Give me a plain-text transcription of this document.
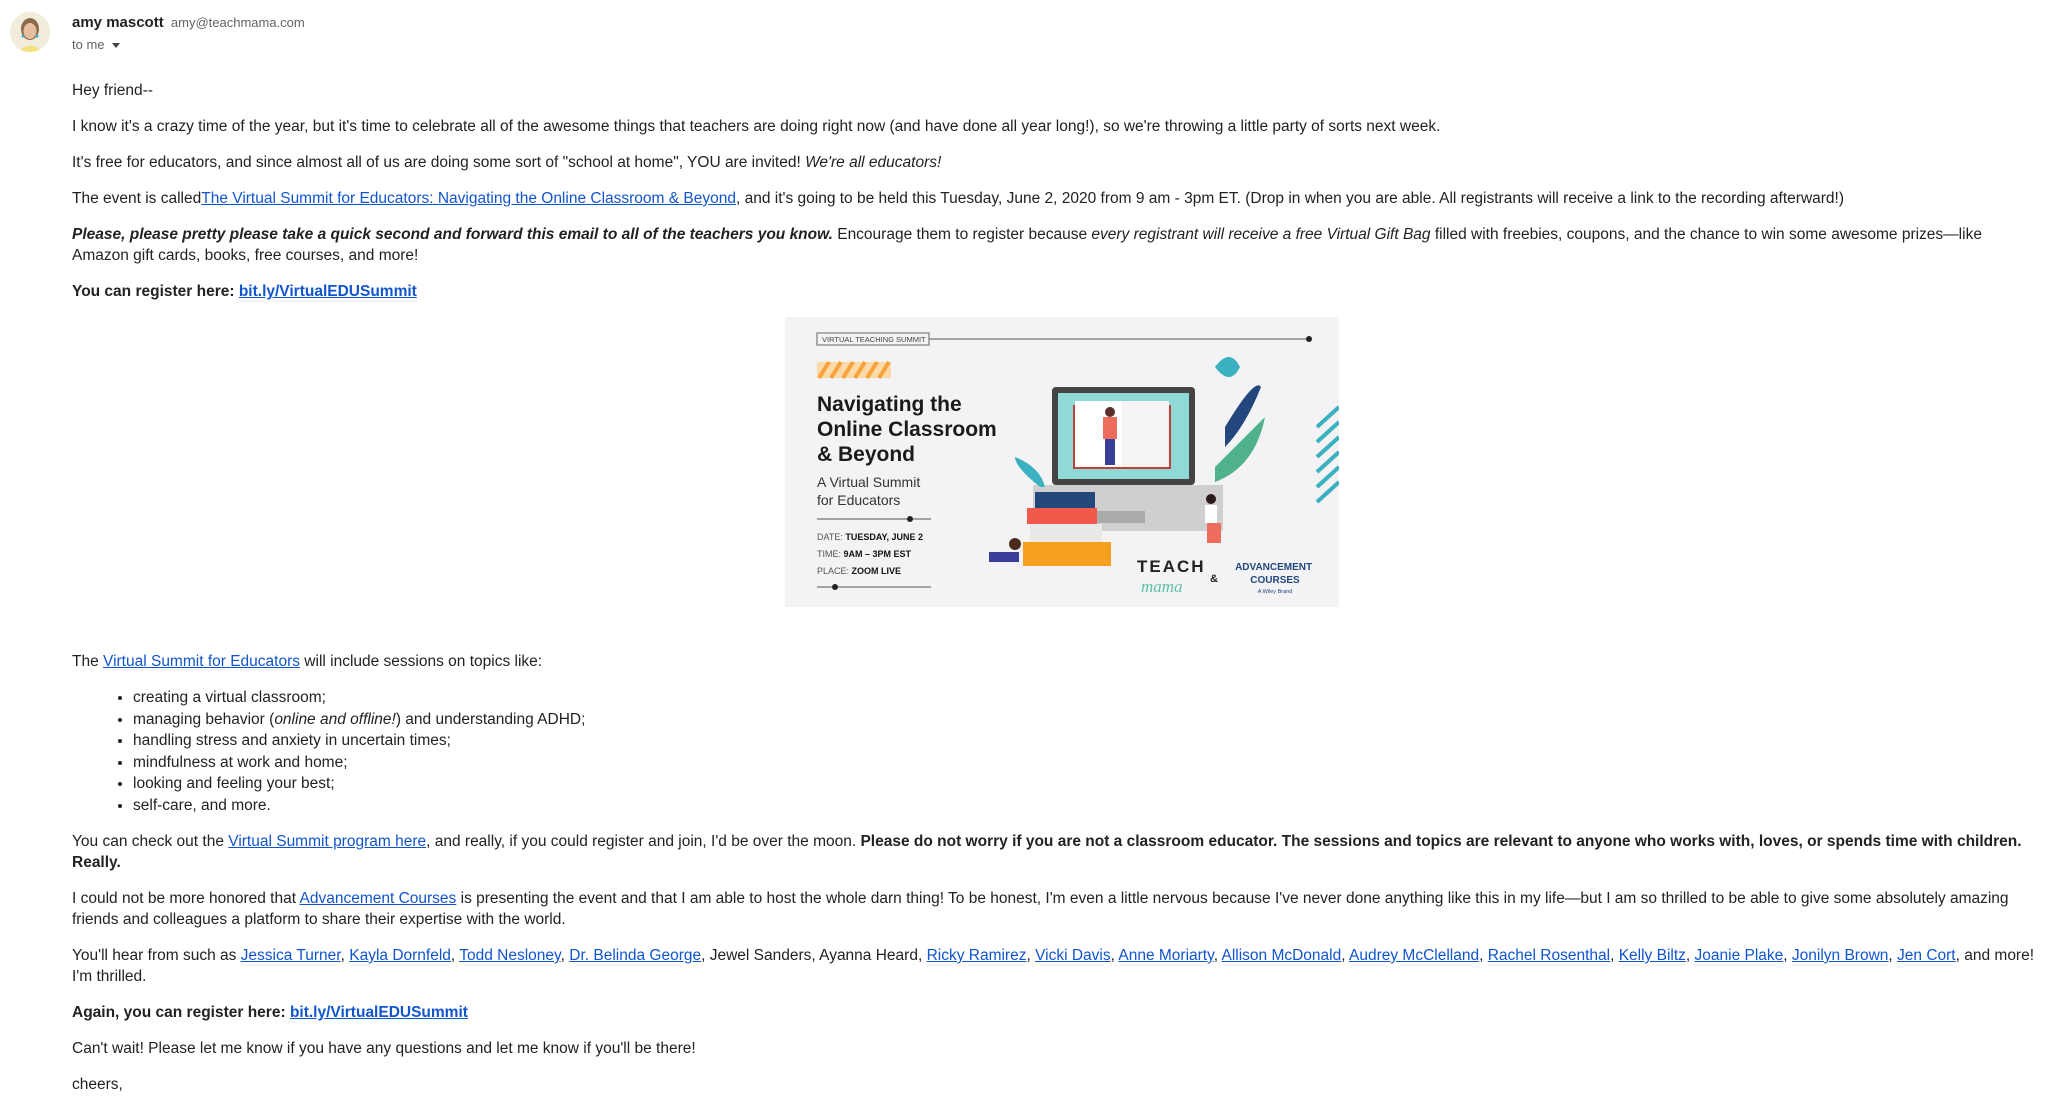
amy mascott amy@teachmama.com
to me

Hey friend--

I know it's a crazy time of the year, but it's time to celebrate all of the awesome things that teachers are doing right now (and have done all year long!), so we're throwing a little party of sorts next week.

It's free for educators, and since almost all of us are doing some sort of "school at home", YOU are invited! We're all educators!

The event is calledThe Virtual Summit for Educators: Navigating the Online Classroom & Beyond, and it's going to be held this Tuesday, June 2, 2020 from 9 am - 3pm ET. (Drop in when you are able. All registrants will receive a link to the recording afterward!)

Please, please pretty please take a quick second and forward this email to all of the teachers you know. Encourage them to register because every registrant will receive a free Virtual Gift Bag filled with freebies, coupons, and the chance to win some awesome prizes—like Amazon gift cards, books, free courses, and more!

You can register here: bit.ly/VirtualEDUSummit

VIRTUAL TEACHING SUMMIT
Navigating the Online Classroom & Beyond
A Virtual Summit for Educators
DATE: TUESDAY, JUNE 2
TIME: 9AM – 3PM EST
PLACE: ZOOM LIVE	TEACH
mama &
ADVANCEMENT COURSES
A Wiley Brand

The Virtual Summit for Educators will include sessions on topics like:

• creating a virtual classroom;
• managing behavior (online and offline!) and understanding ADHD;
• handling stress and anxiety in uncertain times;
• mindfulness at work and home;
• looking and feeling your best;
• self-care, and more.

You can check out the Virtual Summit program here, and really, if you could register and join, I'd be over the moon. Please do not worry if you are not a classroom educator. The sessions and topics are relevant to anyone who works with, loves, or spends time with children. Really.

I could not be more honored that Advancement Courses is presenting the event and that I am able to host the whole darn thing! To be honest, I'm even a little nervous because I've never done anything like this in my life—but I am so thrilled to be able to give some absolutely amazing friends and colleagues a platform to share their expertise with the world.

You'll hear from such as Jessica Turner, Kayla Dornfeld, Todd Nesloney, Dr. Belinda George, Jewel Sanders, Ayanna Heard, Ricky Ramirez, Vicki Davis, Anne Moriarty, Allison McDonald, Audrey McClelland, Rachel Rosenthal, Kelly Biltz, Joanie Plake, Jonilyn Brown, Jen Cort, and more! I'm thrilled.

Again, you can register here: bit.ly/VirtualEDUSummit

Can't wait! Please let me know if you have any questions and let me know if you'll be there!

cheers,
